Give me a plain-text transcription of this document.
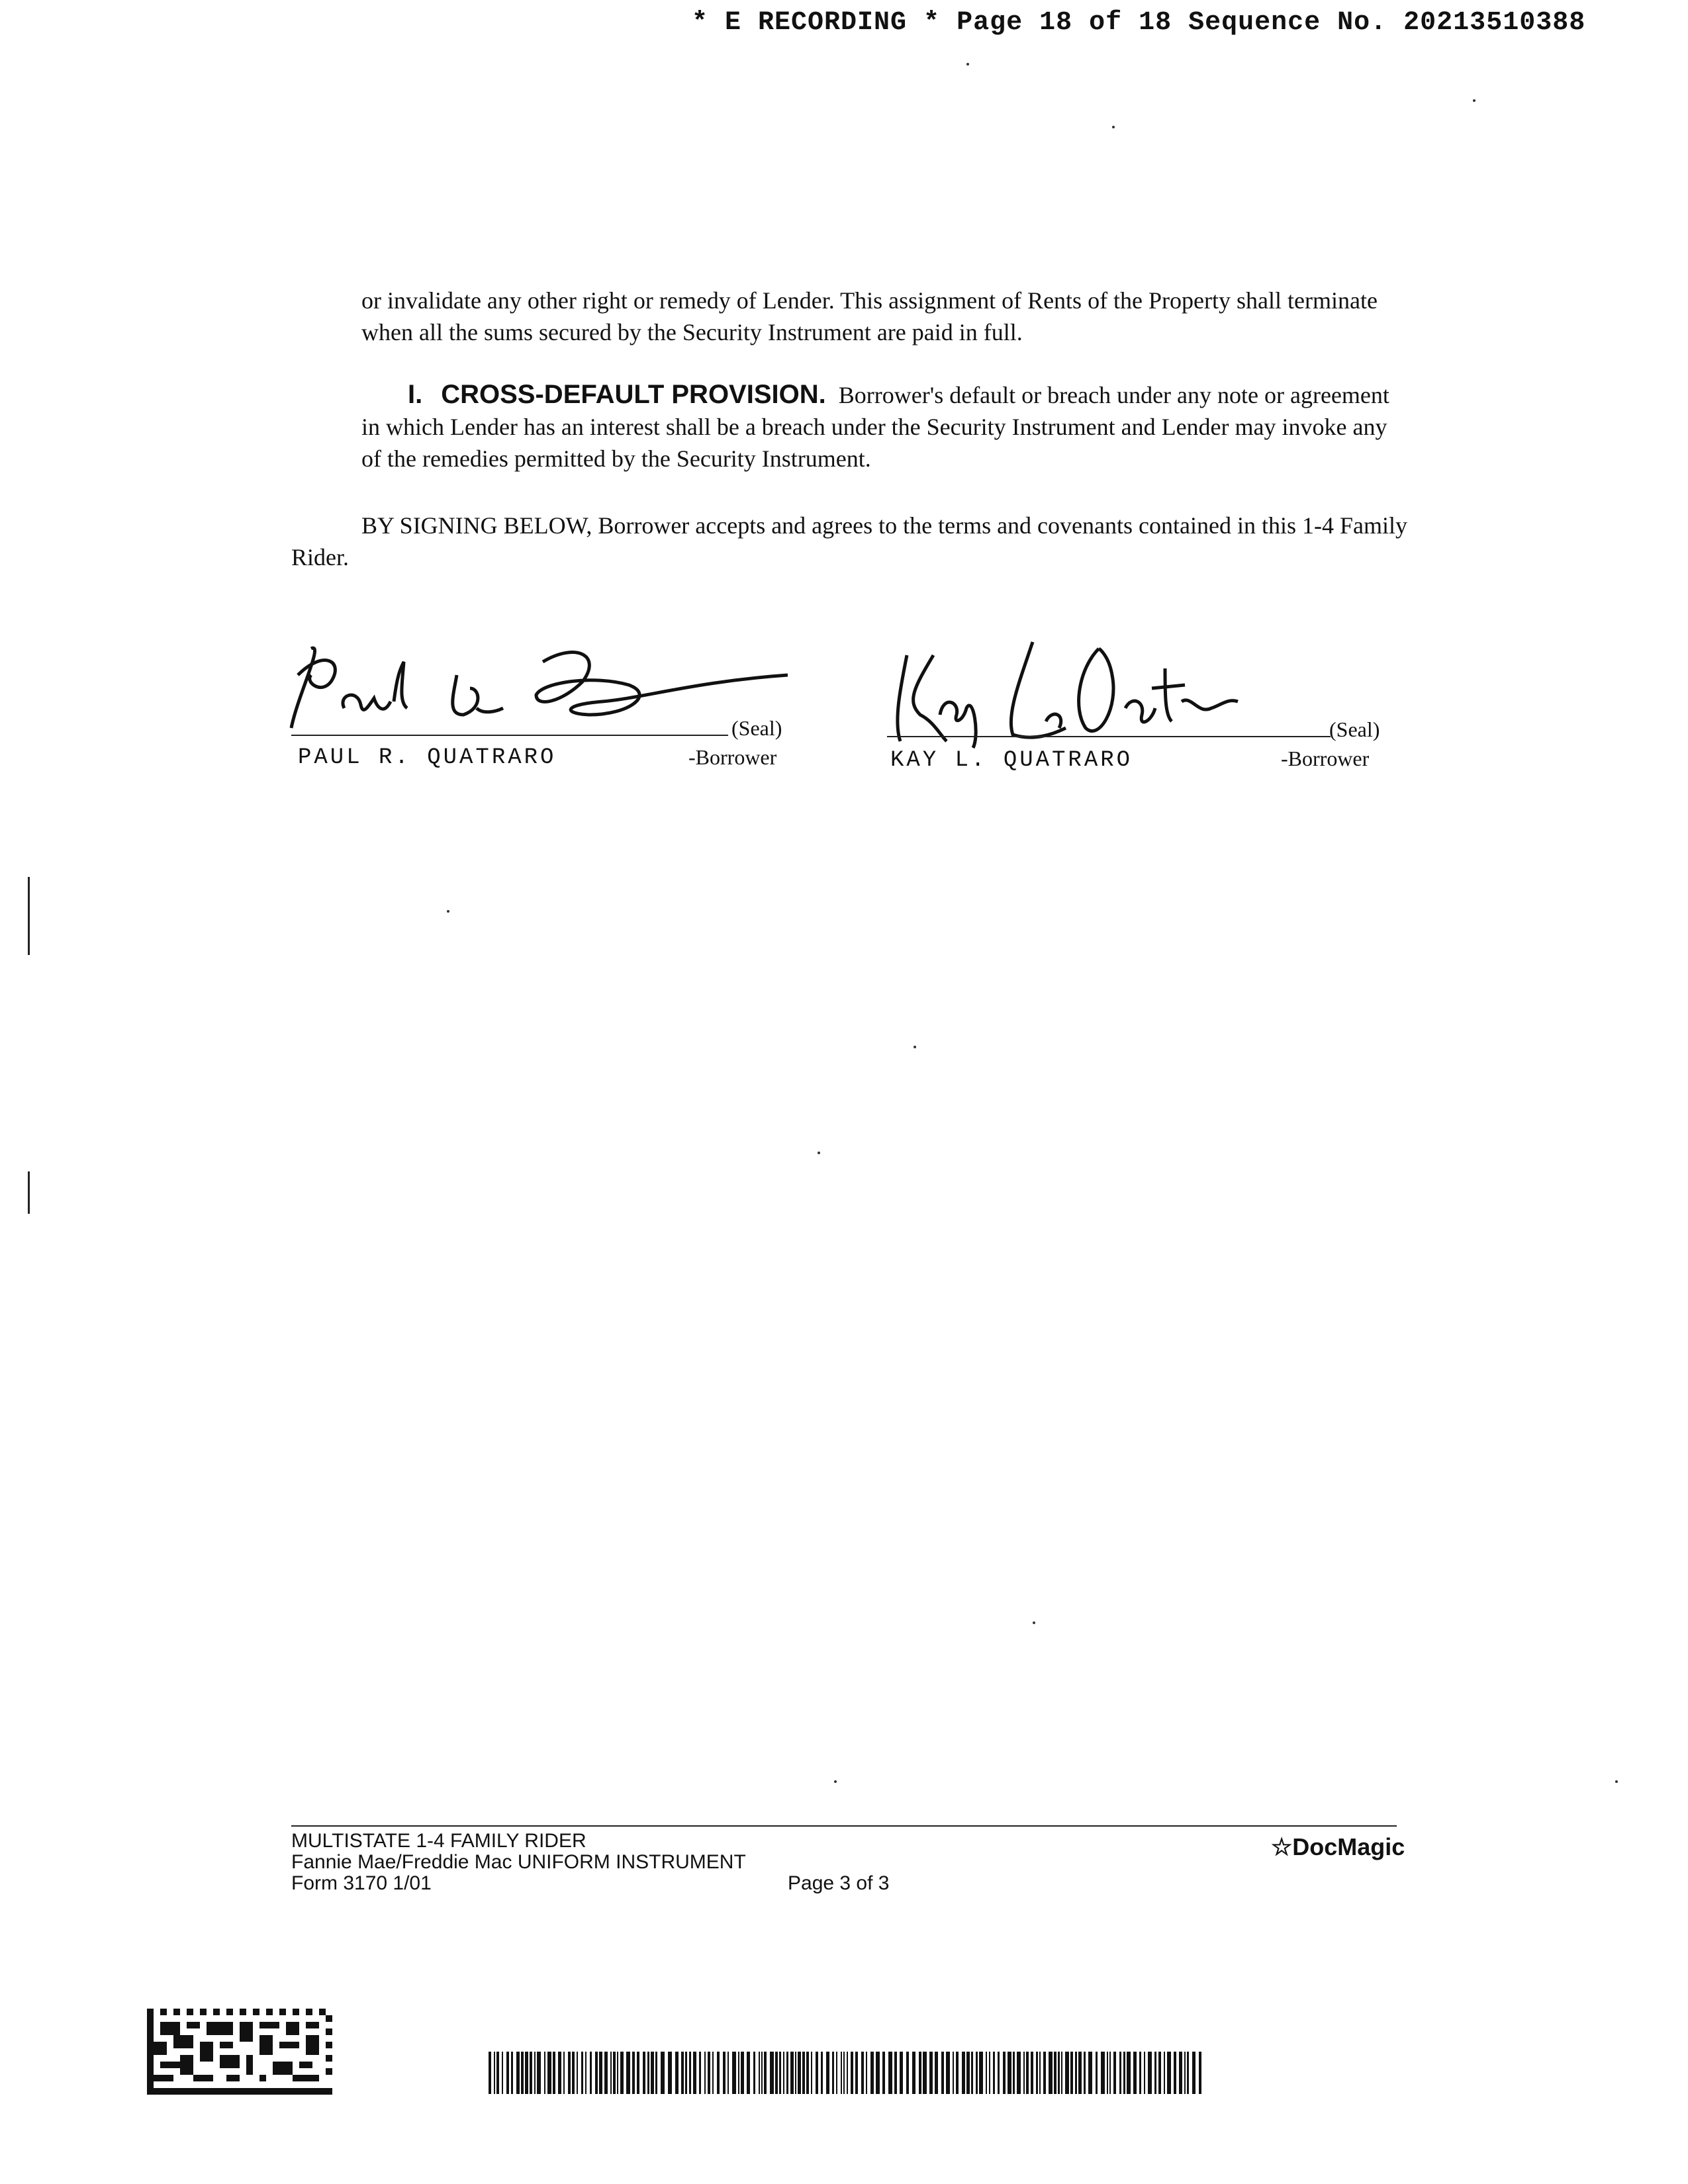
* E RECORDING * Page 18 of 18 Sequence No. 20213510388
or invalidate any other right or remedy of Lender. This assignment of Rents of the Property shall terminate when all the sums secured by the Security Instrument are paid in full.
I. CROSS-DEFAULT PROVISION. Borrower's default or breach under any note or agreement in which Lender has an interest shall be a breach under the Security Instrument and Lender may invoke any of the remedies permitted by the Security Instrument.
BY SIGNING BELOW, Borrower accepts and agrees to the terms and covenants contained in this 1-4 Family Rider.
(Seal)
PAUL R. QUATRARO	-Borrower
(Seal)
KAY L. QUATRARO	-Borrower
MULTISTATE 1-4 FAMILY RIDER
Fannie Mae/Freddie Mac UNIFORM INSTRUMENT
Form 3170 1/01	Page 3 of 3
☆DocMagic
